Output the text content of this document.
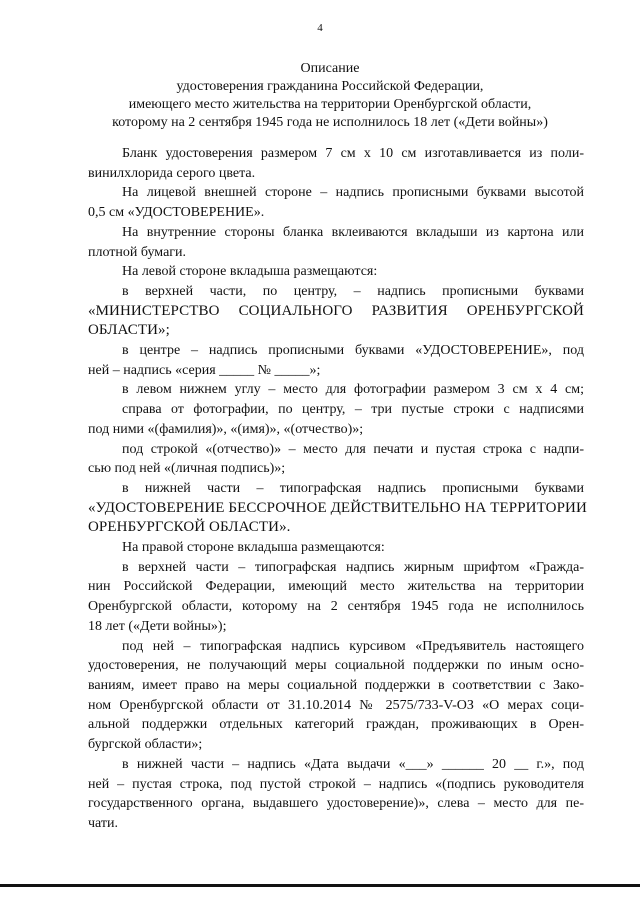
4
Описание
удостоверения гражданина Российской Федерации,
имеющего место жительства на территории Оренбургской области,
которому на 2 сентября 1945 года не исполнилось 18 лет («Дети войны»)
Бланк удостоверения размером 7 см х 10 см изготавливается из поли-
винилхлорида серого цвета.
На лицевой внешней стороне – надпись прописными буквами высотой
0,5 см «УДОСТОВЕРЕНИЕ».
На внутренние стороны бланка вклеиваются вкладыши из картона или
плотной бумаги.
На левой стороне вкладыша размещаются:
в верхней части, по центру, – надпись прописными буквами
«МИНИСТЕРСТВО СОЦИАЛЬНОГО РАЗВИТИЯ ОРЕНБУРГСКОЙ
ОБЛАСТИ»;
в центре – надпись прописными буквами «УДОСТОВЕРЕНИЕ», под
ней – надпись «серия _____ № _____»;
в левом нижнем углу – место для фотографии размером 3 см х 4 см;
справа от фотографии, по центру, – три пустые строки с надписями
под ними «(фамилия)», «(имя)», «(отчество)»;
под строкой «(отчество)» – место для печати и пустая строка с надпи-
сью под ней «(личная подпись)»;
в нижней части – типографская надпись прописными буквами
«УДОСТОВЕРЕНИЕ БЕССРОЧНОЕ ДЕЙСТВИТЕЛЬНО НА ТЕРРИТОРИИ
ОРЕНБУРГСКОЙ ОБЛАСТИ».
На правой стороне вкладыша размещаются:
в верхней части – типографская надпись жирным шрифтом «Гражда-
нин Российской Федерации, имеющий место жительства на территории
Оренбургской области, которому на 2 сентября 1945 года не исполнилось
18 лет («Дети войны»);
под ней – типографская надпись курсивом «Предъявитель настоящего
удостоверения, не получающий меры социальной поддержки по иным осно-
ваниям, имеет право на меры социальной поддержки в соответствии с Зако-
ном Оренбургской области от 31.10.2014 № 2575/733-V-ОЗ «О мерах соци-
альной поддержки отдельных категорий граждан, проживающих в Орен-
бургской области»;
в нижней части – надпись «Дата выдачи «___» ______ 20 __ г.», под
ней – пустая строка, под пустой строкой – надпись «(подпись руководителя
государственного органа, выдавшего удостоверение)», слева – место для пе-
чати.
